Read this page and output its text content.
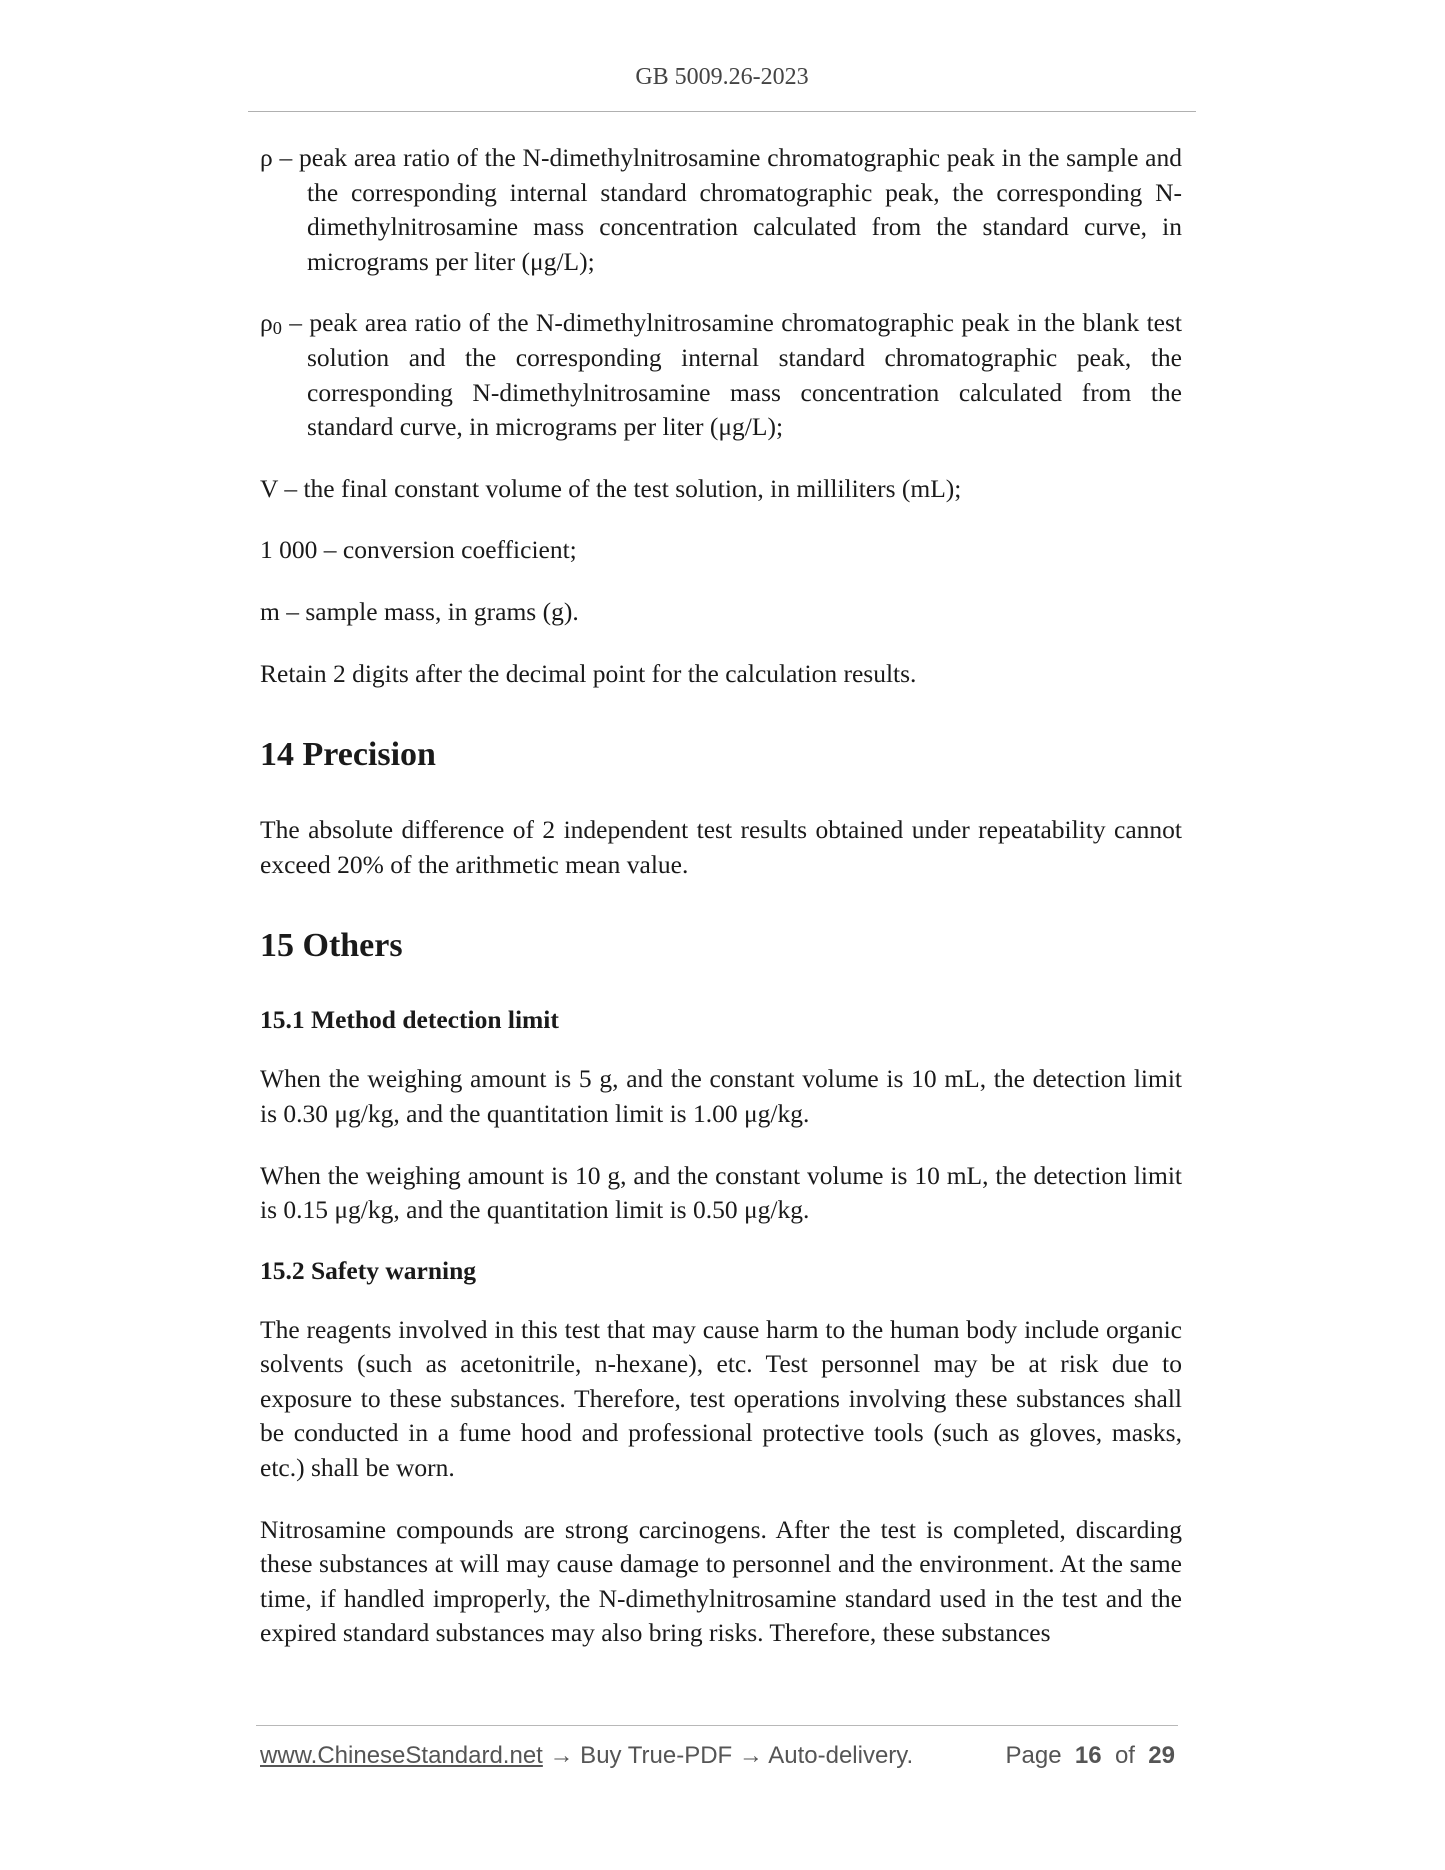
GB 5009.26-2023

ρ – peak area ratio of the N-dimethylnitrosamine chromatographic peak in the sample and the corresponding internal standard chromatographic peak, the corresponding N-dimethylnitrosamine mass concentration calculated from the standard curve, in micrograms per liter (μg/L);

ρ0 – peak area ratio of the N-dimethylnitrosamine chromatographic peak in the blank test solution and the corresponding internal standard chromatographic peak, the corresponding N-dimethylnitrosamine mass concentration calculated from the standard curve, in micrograms per liter (μg/L);

V – the final constant volume of the test solution, in milliliters (mL);

1 000 – conversion coefficient;

m – sample mass, in grams (g).

Retain 2 digits after the decimal point for the calculation results.

14 Precision

The absolute difference of 2 independent test results obtained under repeatability cannot exceed 20% of the arithmetic mean value.

15 Others
15.1 Method detection limit

When the weighing amount is 5 g, and the constant volume is 10 mL, the detection limit is 0.30 μg/kg, and the quantitation limit is 1.00 μg/kg.

When the weighing amount is 10 g, and the constant volume is 10 mL, the detection limit is 0.15 μg/kg, and the quantitation limit is 0.50 μg/kg.

15.2 Safety warning

The reagents involved in this test that may cause harm to the human body include organic solvents (such as acetonitrile, n-hexane), etc. Test personnel may be at risk due to exposure to these substances. Therefore, test operations involving these substances shall be conducted in a fume hood and professional protective tools (such as gloves, masks, etc.) shall be worn.

Nitrosamine compounds are strong carcinogens. After the test is completed, discarding these substances at will may cause damage to personnel and the environment. At the same time, if handled improperly, the N-dimethylnitrosamine standard used in the test and the expired standard substances may also bring risks. Therefore, these substances

www.ChineseStandard.net → Buy True-PDF → Auto-delivery.	Page 16 of 29
